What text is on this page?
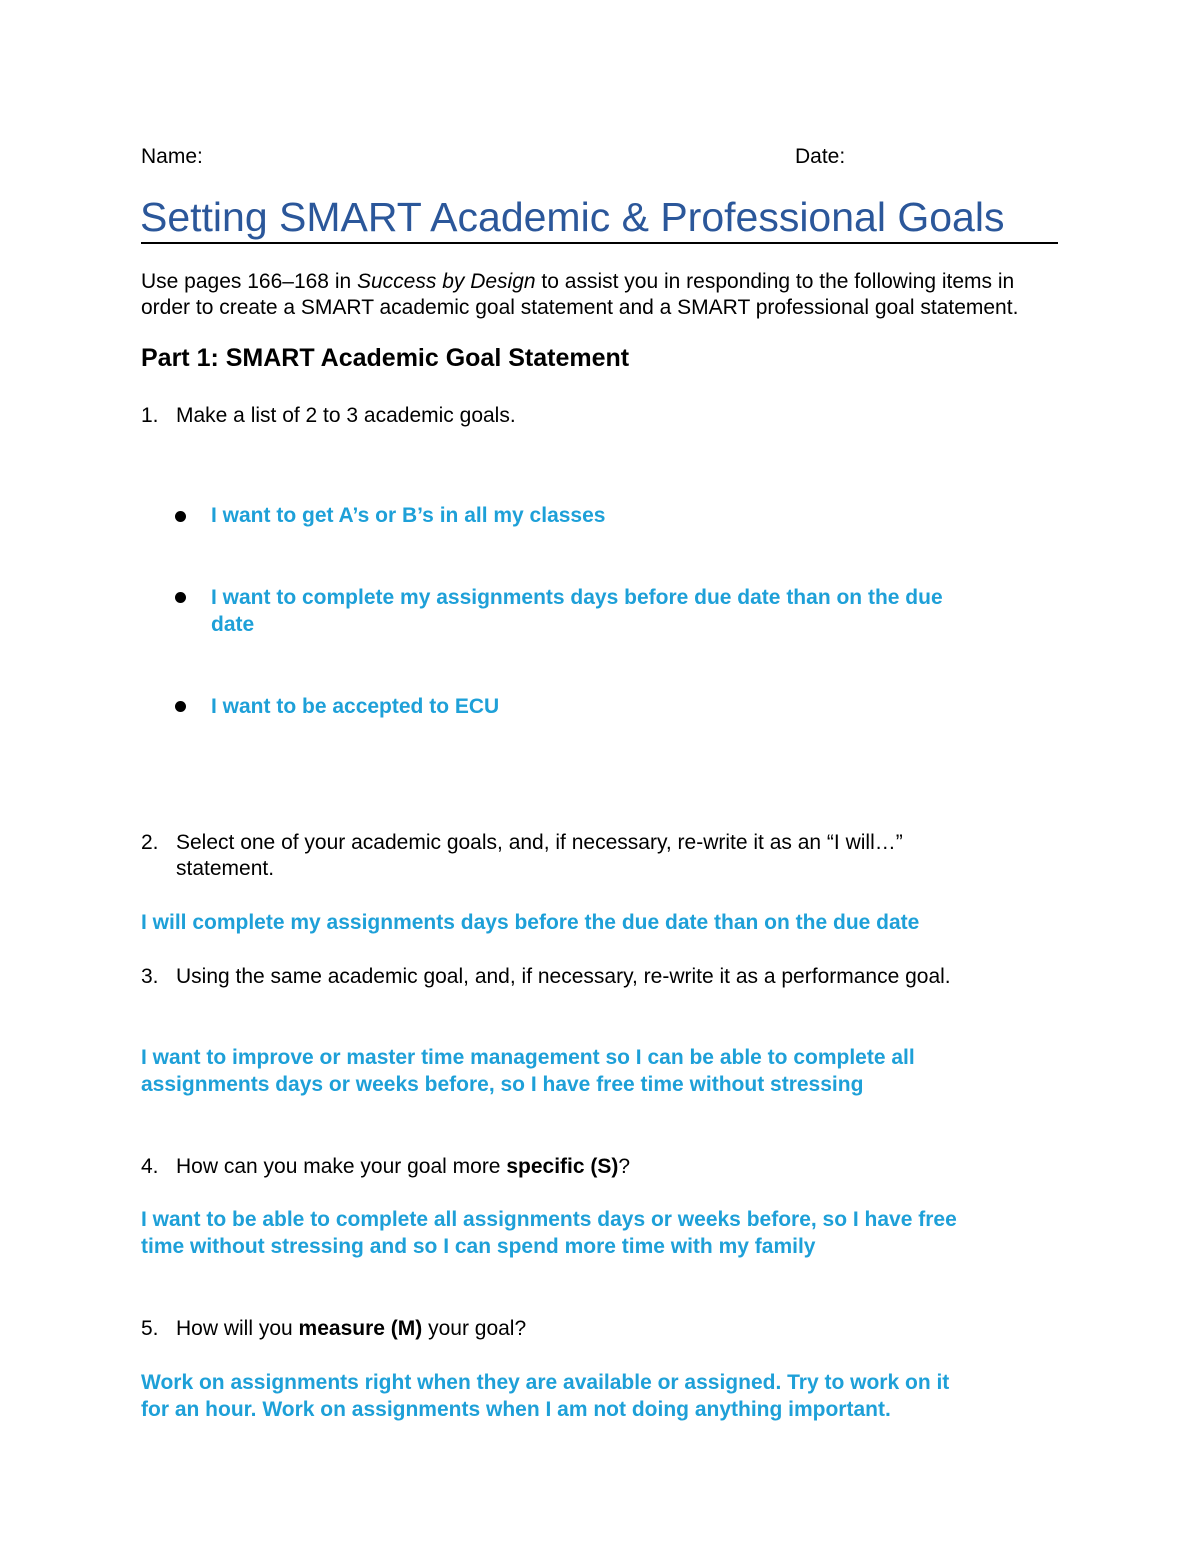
Name:	Date:
Setting SMART Academic & Professional Goals
Use pages 166–168 in Success by Design to assist you in responding to the following items in
order to create a SMART academic goal statement and a SMART professional goal statement.
Part 1: SMART Academic Goal Statement
1. Make a list of 2 to 3 academic goals.
I want to get A’s or B’s in all my classes
I want to complete my assignments days before due date than on the due
date
I want to be accepted to ECU
2. Select one of your academic goals, and, if necessary, re-write it as an “I will…”
statement.
I will complete my assignments days before the due date than on the due date
3. Using the same academic goal, and, if necessary, re-write it as a performance goal.
I want to improve or master time management so I can be able to complete all
assignments days or weeks before, so I have free time without stressing
4. How can you make your goal more specific (S)?
I want to be able to complete all assignments days or weeks before, so I have free
time without stressing and so I can spend more time with my family
5. How will you measure (M) your goal?
Work on assignments right when they are available or assigned. Try to work on it
for an hour. Work on assignments when I am not doing anything important.
